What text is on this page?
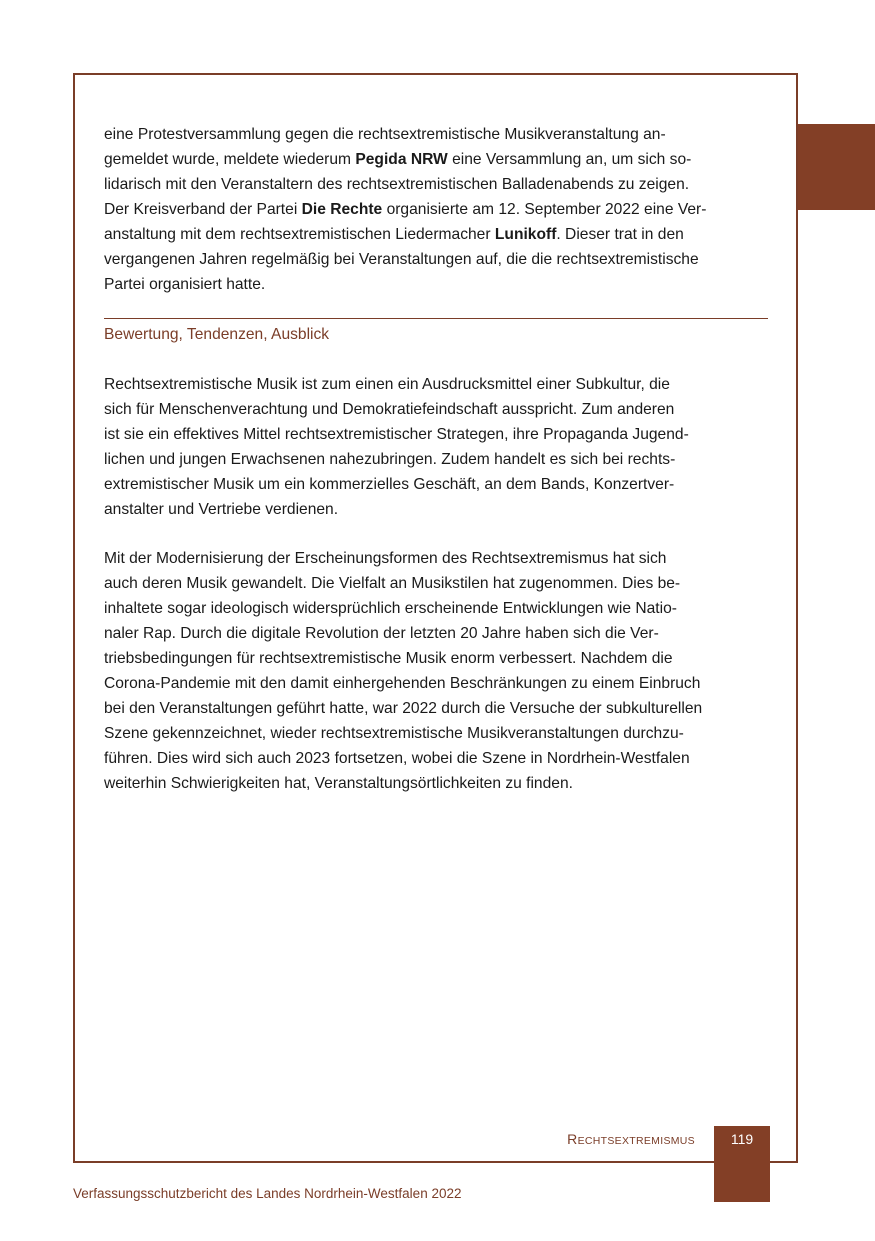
eine Protestversammlung gegen die rechtsextremistische Musikveranstaltung an-
gemeldet wurde, meldete wiederum Pegida NRW eine Versammlung an, um sich so-
lidarisch mit den Veranstaltern des rechtsextremistischen Balladenabends zu zeigen.
Der Kreisverband der Partei Die Rechte organisierte am 12. September 2022 eine Ver-
anstaltung mit dem rechtsextremistischen Liedermacher Lunikoff. Dieser trat in den
vergangenen Jahren regelmäßig bei Veranstaltungen auf, die die rechtsextremistische
Partei organisiert hatte.
Bewertung, Tendenzen, Ausblick
Rechtsextremistische Musik ist zum einen ein Ausdrucksmittel einer Subkultur, die
sich für Menschenverachtung und Demokratiefeindschaft ausspricht. Zum anderen
ist sie ein effektives Mittel rechtsextremistischer Strategen, ihre Propaganda Jugend-
lichen und jungen Erwachsenen nahezubringen. Zudem handelt es sich bei rechts-
extremistischer Musik um ein kommerzielles Geschäft, an dem Bands, Konzertver-
anstalter und Vertriebe verdienen.
Mit der Modernisierung der Erscheinungsformen des Rechtsextremismus hat sich
auch deren Musik gewandelt. Die Vielfalt an Musikstilen hat zugenommen. Dies be-
inhaltete sogar ideologisch widersprüchlich erscheinende Entwicklungen wie Natio-
naler Rap. Durch die digitale Revolution der letzten 20 Jahre haben sich die Ver-
triebsbedingungen für rechtsextremistische Musik enorm verbessert. Nachdem die
Corona-Pandemie mit den damit einhergehenden Beschränkungen zu einem Einbruch
bei den Veranstaltungen geführt hatte, war 2022 durch die Versuche der subkulturellen
Szene gekennzeichnet, wieder rechtsextremistische Musikveranstaltungen durchzu-
führen. Dies wird sich auch 2023 fortsetzen, wobei die Szene in Nordrhein-Westfalen
weiterhin Schwierigkeiten hat, Veranstaltungsörtlichkeiten zu finden.
RECHTSEXTREMISMUS	119
Verfassungsschutzbericht des Landes Nordrhein-Westfalen 2022
